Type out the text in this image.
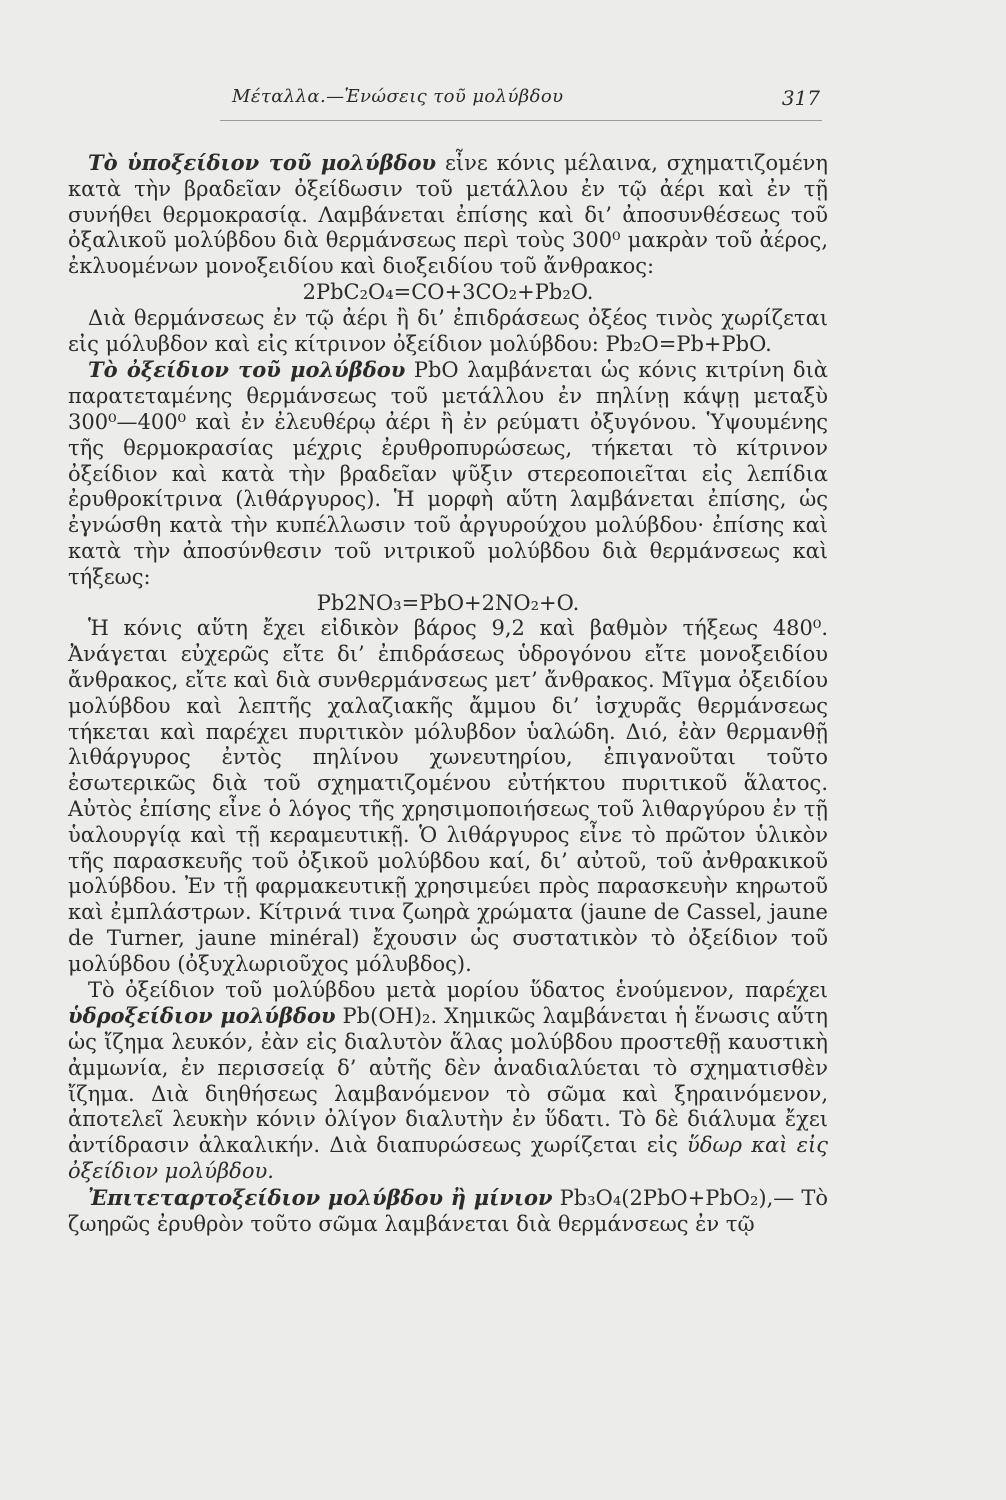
Μέταλλα.—Ἑνώσεις τοῦ μολύβδου	317

Τὸ ὑποξείδιον τοῦ μολύβδου εἶνε κόνις μέλαινα, σχηματιζομένη κατὰ τὴν βραδεῖαν ὀξείδωσιν τοῦ μετάλλου ἐν τῷ ἀέρι καὶ ἐν τῇ συνήθει θερμοκρασίᾳ. Λαμβάνεται ἐπίσης καὶ δι’ ἀποσυνθέσεως τοῦ ὀξαλικοῦ μολύβδου διὰ θερμάνσεως περὶ τοὺς 300⁰ μακρὰν τοῦ ἀέρος, ἐκλυομένων μονοξειδίου καὶ διοξειδίου τοῦ ἄνθρακος:

2PbC₂O₄=CO+3CO₂+Pb₂O.

Διὰ θερμάνσεως ἐν τῷ ἀέρι ἢ δι’ ἐπιδράσεως ὀξέος τινὸς χωρίζεται εἰς μόλυβδον καὶ εἰς κίτρινον ὀξείδιον μολύβδου: Pb₂O=Pb+PbO.

Τὸ ὀξείδιον τοῦ μολύβδου PbO λαμβάνεται ὡς κόνις κιτρίνη διὰ παρατεταμένης θερμάνσεως τοῦ μετάλλου ἐν πηλίνῃ κάψῃ μεταξὺ 300⁰—400⁰ καὶ ἐν ἐλευθέρῳ ἀέρι ἢ ἐν ρεύματι ὀξυγόνου. Ὑψουμένης τῆς θερμοκρασίας μέχρις ἐρυθροπυρώσεως, τήκεται τὸ κίτρινον ὀξείδιον καὶ κατὰ τὴν βραδεῖαν ψῦξιν στερεοποιεῖται εἰς λεπίδια ἐρυθροκίτρινα (λιθάργυρος). Ἡ μορφὴ αὕτη λαμβάνεται ἐπίσης, ὡς ἐγνώσθη κατὰ τὴν κυπέλλωσιν τοῦ ἀργυρούχου μολύβδου· ἐπίσης καὶ κατὰ τὴν ἀποσύνθεσιν τοῦ νιτρικοῦ μολύβδου διὰ θερμάνσεως καὶ τήξεως:

Pb2NO₃=PbO+2NO₂+O.

Ἡ κόνις αὕτη ἔχει εἰδικὸν βάρος 9,2 καὶ βαθμὸν τήξεως 480⁰. Ἀνάγεται εὐχερῶς εἴτε δι’ ἐπιδράσεως ὑδρογόνου εἴτε μονοξειδίου ἄνθρακος, εἴτε καὶ διὰ συνθερμάνσεως μετ’ ἄνθρακος. Μῖγμα ὀξειδίου μολύβδου καὶ λεπτῆς χαλαζιακῆς ἄμμου δι’ ἰσχυρᾶς θερμάνσεως τήκεται καὶ παρέχει πυριτικὸν μόλυβδον ὑαλώδη. Διό, ἐὰν θερμανθῇ λιθάργυρος ἐντὸς πηλίνου χωνευτηρίου, ἐπιγανοῦται τοῦτο ἐσωτερικῶς διὰ τοῦ σχηματιζομένου εὐτήκτου πυριτικοῦ ἅλατος. Αὐτὸς ἐπίσης εἶνε ὁ λόγος τῆς χρησιμοποιήσεως τοῦ λιθαργύρου ἐν τῇ ὑαλουργίᾳ καὶ τῇ κεραμευτικῇ. Ὁ λιθάργυρος εἶνε τὸ πρῶτον ὑλικὸν τῆς παρασκευῆς τοῦ ὀξικοῦ μολύβδου καί, δι’ αὐτοῦ, τοῦ ἀνθρακικοῦ μολύβδου. Ἐν τῇ φαρμακευτικῇ χρησιμεύει πρὸς παρασκευὴν κηρωτοῦ καὶ ἐμπλάστρων. Κίτρινά τινα ζωηρὰ χρώματα (jaune de Cassel, jaune de Turner, jaune minéral) ἔχουσιν ὡς συστατικὸν τὸ ὀξείδιον τοῦ μολύβδου (ὀξυχλωριοῦχος μόλυβδος).

Τὸ ὀξείδιον τοῦ μολύβδου μετὰ μορίου ὕδατος ἑνούμενον, παρέχει ὑδροξείδιον μολύβδου Pb(OH)₂. Χημικῶς λαμβάνεται ἡ ἕνωσις αὕτη ὡς ἴζημα λευκόν, ἐὰν εἰς διαλυτὸν ἅλας μολύβδου προστεθῇ καυστικὴ ἀμμωνία, ἐν περισσείᾳ δ’ αὐτῆς δὲν ἀναδιαλύεται τὸ σχηματισθὲν ἴζημα. Διὰ διηθήσεως λαμβανόμενον τὸ σῶμα καὶ ξηραινόμενον, ἀποτελεῖ λευκὴν κόνιν ὀλίγον διαλυτὴν ἐν ὕδατι. Τὸ δὲ διάλυμα ἔχει ἀντίδρασιν ἀλκαλικήν. Διὰ διαπυρώσεως χωρίζεται εἰς ὕδωρ καὶ εἰς ὀξείδιον μολύβδου.

Ἐπιτεταρτοξείδιον μολύβδου ἢ μίνιον Pb₃O₄(2PbO+PbO₂),— Τὸ ζωηρῶς ἐρυθρὸν τοῦτο σῶμα λαμβάνεται διὰ θερμάνσεως ἐν τῷ
